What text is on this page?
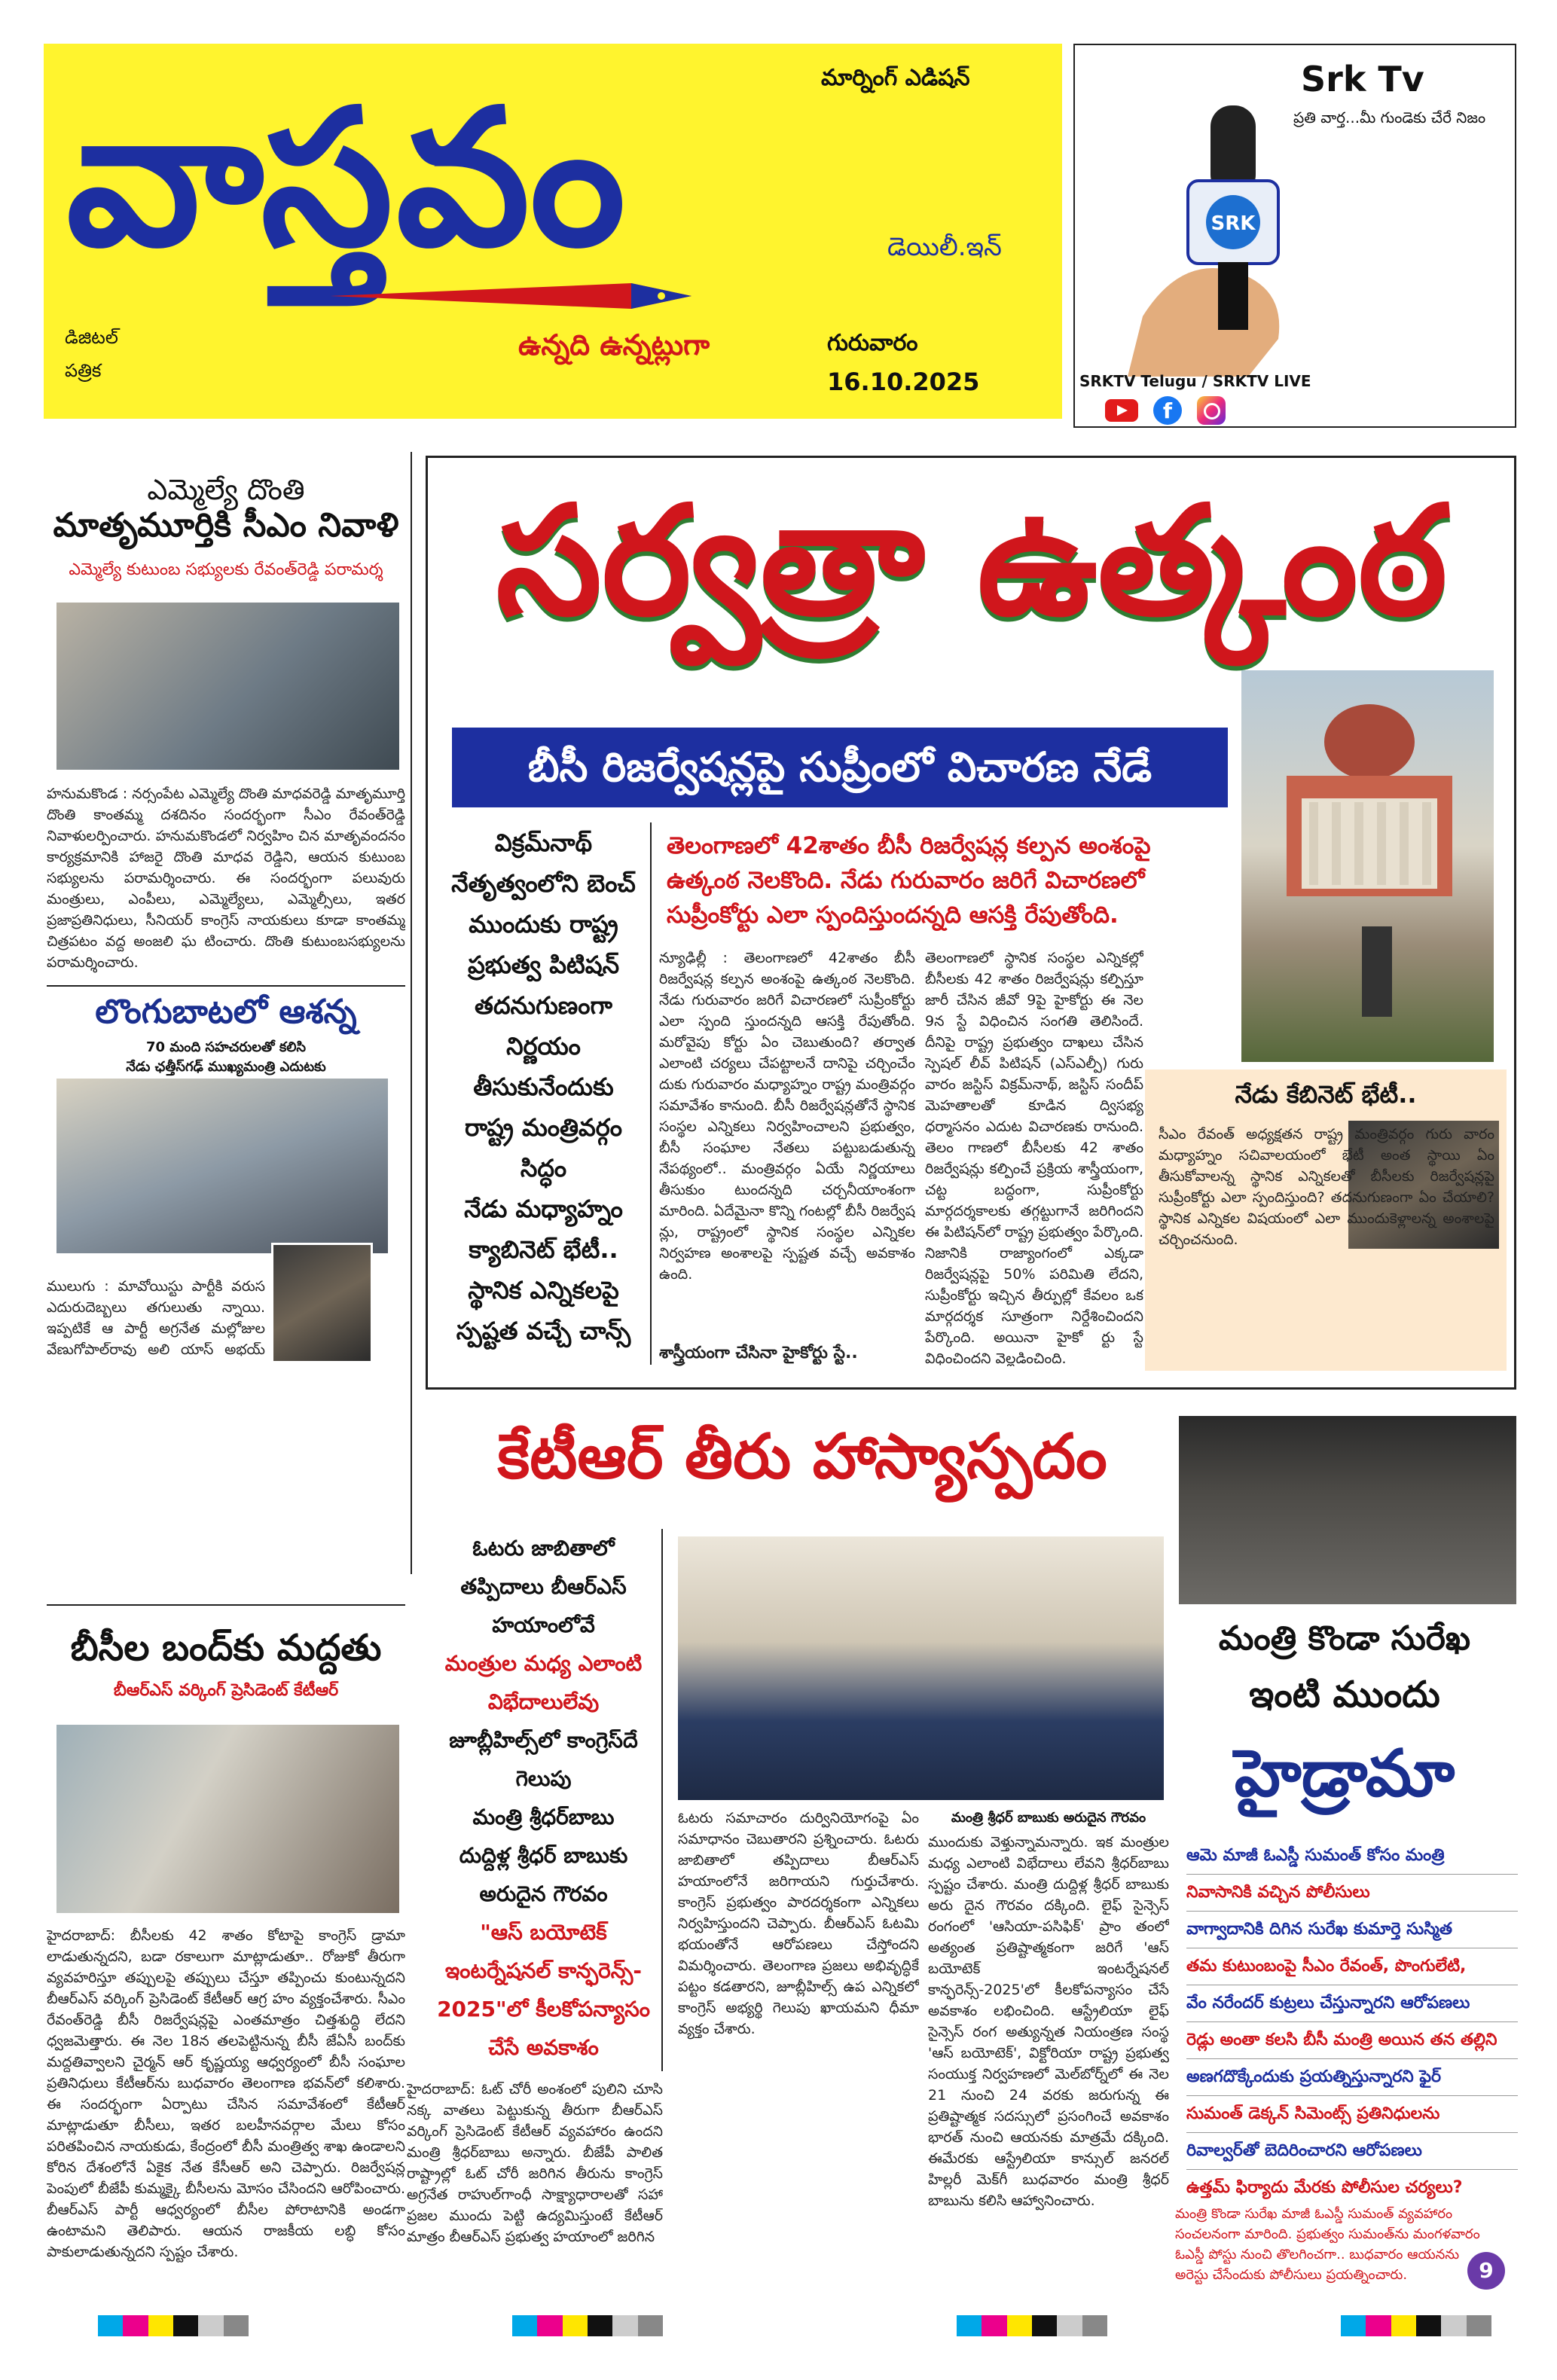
మార్నింగ్ ఎడిషన్
వాస్తవం	డెయిలీ.ఇన్
ఉన్నది ఉన్నట్లుగా
డిజిటల్
పత్రిక
గురువారం
16.10.2025
Srk Tv
ప్రతి వార్త...మీ గుండెకు చేరే నిజం
SRK
SRKTV Telugu / SRKTV LIVE
f
ఎమ్మెల్యే దొంతి
మాతృమూర్తికి సీఎం నివాళి
ఎమ్మెల్యే కుటుంబ సభ్యులకు రేవంత్‌రెడ్డి పరామర్శ
హనుమకొండ : నర్సంపేట ఎమ్మెల్యే దొంతి మాధవరెడ్డి మాతృమూర్తి దొంతి కాంతమ్మ దశదినం సందర్భంగా సీఎం రేవంత్‌రెడ్డి నివాళులర్పించారు. హనుమకొండలో నిర్వహిం చిన మాతృవందనం కార్యక్రమానికి హాజరై దొంతి మాధవ రెడ్డిని, ఆయన కుటుంబ సభ్యులను పరామర్శించారు. ఈ సందర్భంగా పలువురు మంత్రులు, ఎంపీలు, ఎమ్మెల్యేలు, ఎమ్మెల్సీలు, ఇతర ప్రజాప్రతినిధులు, సీనియర్ కాంగ్రెస్ నాయకులు కూడా కాంతమ్మ చిత్రపటం వద్ద అంజలి ఘ టించారు. దొంతి కుటుంబసభ్యులను పరామర్శించారు.
లొంగుబాటలో ఆశన్న
70 మంది సహచరులతో కలిసి
నేడు ఛత్తీస్‌గఢ్ ముఖ్యమంత్రి ఎదుటకు
ములుగు : మావోయిస్టు పార్టీకి వరుస ఎదురుదెబ్బలు తగులుతు న్నాయి. ఇప్పటికే ఆ పార్టీ అగ్రనేత మల్లోజుల వేణుగోపాల్‌రావు అలి యాస్ అభయ్
బీసీల బంద్‌కు మద్దతు
బీఆర్ఎస్ వర్కింగ్ ప్రెసిడెంట్ కేటీఆర్
హైదరాబాద్: బీసీలకు 42 శాతం కోటాపై కాంగ్రెస్ డ్రామా లాడుతున్నదని, బడా రకాలుగా మాట్లాడుతూ.. రోజుకో తీరుగా వ్యవహరిస్తూ తప్పులపై తప్పులు చేస్తూ తప్పించు కుంటున్నదని బీఆర్ఎస్ వర్కింగ్ ప్రెసిడెంట్ కేటీఆర్ ఆగ్ర హం వ్యక్తంచేశారు. సీఎం రేవంత్‌రెడ్డి బీసీ రిజర్వేషన్లపై ఎంతమాత్రం చిత్తశుద్ధి లేదని ధ్వజమెత్తారు. ఈ నెల 18న తలపెట్టినున్న బీసీ జేఏసీ బంద్‌కు మద్దతివ్వాలని చైర్మన్ ఆర్ కృష్ణయ్య ఆధ్వర్యంలో బీసీ సంఘాల ప్రతినిధులు కేటీఆర్‌ను బుధవారం తెలంగాణ భవన్‌లో కలిశారు. ఈ సందర్భంగా ఏర్పాటు చేసిన సమావేశంలో కేటీఆర్ మాట్లాడుతూ బీసీలు, ఇతర బలహీనవర్గాల మేలు కోసం పరితపించిన నాయకుడు, కేంద్రంలో బీసీ మంత్రిత్వ శాఖ ఉండాలని కోరిన దేశంలోనే ఏకైక నేత కేసీఆర్ అని చెప్పారు. రిజర్వేషన్ల పెంపులో బీజేపీ కుమ్మక్కై బీసీలను మోసం చేసిందని ఆరోపించారు. బీఆర్ఎస్ పార్టీ ఆధ్వర్యంలో బీసీల పోరాటానికి అండగా ఉంటామని తెలిపారు. ఆయన రాజకీయ లబ్ధి కోసం పాకులాడుతున్నదని స్పష్టం చేశారు.
సర్వత్రా ఉత్కంఠ
బీసీ రిజర్వేషన్లపై సుప్రీంలో విచారణ నేడే
విక్రమ్‌నాథ్
నేతృత్వంలోని బెంచ్
ముందుకు రాష్ట్ర
ప్రభుత్వ పిటిషన్
తదనుగుణంగా
నిర్ణయం
తీసుకునేందుకు
రాష్ట్ర మంత్రివర్గం
సిద్ధం
నేడు మధ్యాహ్నం
క్యాబినెట్ భేటీ..
స్థానిక ఎన్నికలపై
స్పష్టత వచ్చే చాన్స్
తెలంగాణలో 42శాతం బీసీ రిజర్వేషన్ల కల్పన అంశంపై ఉత్కంఠ నెలకొంది. నేడు గురువారం జరిగే విచారణలో సుప్రీంకోర్టు ఎలా స్పందిస్తుందన్నది ఆసక్తి రేపుతోంది.
న్యూఢిల్లీ : తెలంగాణలో 42శాతం బీసీ రిజర్వేషన్ల కల్పన అంశంపై ఉత్కంఠ నెలకొంది. నేడు గురువారం జరిగే విచారణలో సుప్రీంకోర్టు ఎలా స్పంది స్తుందన్నది ఆసక్తి రేపుతోంది. మరోవైపు కోర్టు ఏం చెబుతుంది? తర్వాత ఎలాంటి చర్యలు చేపట్టాలనే దానిపై చర్చించేం దుకు గురువారం మధ్యాహ్నం రాష్ట్ర మంత్రివర్గం సమావేశం కానుంది. బీసీ రిజర్వేషన్లతోనే స్థానిక సంస్థల ఎన్నికలు నిర్వహించాలని ప్రభుత్వం, బీసీ సంఘాల నేతలు పట్టుబడుతున్న నేపథ్యంలో.. మంత్రివర్గం ఏయే నిర్ణయాలు తీసుకుం టుందన్నది చర్చనీయాంశంగా మారింది. ఏదేమైనా కొన్ని గంటల్లో బీసీ రిజర్వేష న్లు, రాష్ట్రంలో స్థానిక సంస్థల ఎన్నికల నిర్వహణ అంశాలపై స్పష్టత వచ్చే అవకాశం ఉంది.
శాస్త్రీయంగా చేసినా హైకోర్టు స్టే..
తెలంగాణలో స్థానిక సంస్థల ఎన్నికల్లో బీసీలకు 42 శాతం రిజర్వేషన్లు కల్పిస్తూ జారీ చేసిన జీవో 9పై హైకోర్టు ఈ నెల 9న స్టే విధించిన సంగతి తెలిసిందే. దీనిపై రాష్ట్ర ప్రభుత్వం దాఖలు చేసిన స్పెషల్ లీవ్ పిటిషన్ (ఎస్ఎల్పీ) గురు వారం జస్టిస్ విక్రమ్‌నాథ్, జస్టిస్ సందీప్ మెహతాలతో కూడిన ద్విసభ్య ధర్మాసనం ఎదుట విచారణకు రానుంది. తెలం గాణలో బీసీలకు 42 శాతం రిజర్వేషన్లు కల్పించే ప్రక్రియ శాస్త్రీయంగా, చట్ట బద్ధంగా, సుప్రీంకోర్టు మార్గదర్శకాలకు తగ్గట్టుగానే జరిగిందని ఈ పిటిషన్‌లో రాష్ట్ర ప్రభుత్వం పేర్కొంది. నిజానికి రాజ్యాంగంలో ఎక్కడా రిజర్వేషన్లపై 50% పరిమితి లేదని, సుప్రీంకోర్టు ఇచ్చిన తీర్పుల్లో కేవలం ఒక మార్గదర్శక సూత్రంగా నిర్దేశించిందని పేర్కొంది. అయినా హైకో ర్టు స్టే విధించిందని వెల్లడించింది.
నేడు కేబినెట్ భేటీ..
సీఎం రేవంత్ అధ్యక్షతన రాష్ట్ర మంత్రివర్గం గురు వారం మధ్యాహ్నం సచివాలయంలో భేటీ అంత స్థాయి ఏం తీసుకోవాలన్న స్థానిక ఎన్నికలతో బీసీలకు రిజర్వేషన్లపై సుప్రీంకోర్టు ఎలా స్పందిస్తుంది? తదనుగుణంగా ఏం చేయాలి? స్థానిక ఎన్నికల విషయంలో ఎలా ముందుకెళ్లాలన్న అంశాలపై చర్చించనుంది.
కేటీఆర్ తీరు హాస్యాస్పదం
ఓటరు జాబితాలో
తప్పిదాలు బీఆర్ఎస్
హయాంలోవే
మంత్రుల మధ్య ఎలాంటి
విభేదాలులేవు
జూబ్లీహిల్స్‌లో కాంగ్రెస్‌దే
గెలుపు
మంత్రి శ్రీధర్‌బాబు
దుద్దిళ్ల శ్రీధర్ బాబుకు
అరుదైన గౌరవం
"ఆస్ బయోటెక్
ఇంటర్నేషనల్ కాన్ఫరెన్స్-
2025"లో కీలకోపన్యాసం
చేసే అవకాశం
హైదరాబాద్: ఓట్ చోరీ అంశంలో పులిని చూసి నక్క వాతలు పెట్టుకున్న తీరుగా బీఆర్ఎస్ వర్కింగ్ ప్రెసిడెంట్ కేటీఆర్ వ్యవహారం ఉందని మంత్రి శ్రీధర్‌బాబు అన్నారు. బీజేపీ పాలిత రాష్ట్రాల్లో ఓట్ చోరీ జరిగిన తీరును కాంగ్రెస్ అగ్రనేత రాహుల్‌గాంధీ సాక్ష్యాధారాలతో సహా ప్రజల ముందు పెట్టి ఉద్యమిస్తుంటే కేటీఆర్ మాత్రం బీఆర్ఎస్ ప్రభుత్వ హయాంలో జరిగిన
ఓటరు సమాచారం దుర్వినియోగంపై ఏం సమాధానం చెబుతారని ప్రశ్నించారు. ఓటరు జాబితాలో తప్పిదాలు బీఆర్ఎస్ హయాంలోనే జరిగాయని గుర్తుచేశారు. కాంగ్రెస్ ప్రభుత్వం పారదర్శకంగా ఎన్నికలు నిర్వహిస్తుందని చెప్పారు. బీఆర్ఎస్ ఓటమి భయంతోనే ఆరోపణలు చేస్తోందని విమర్శించారు. తెలంగాణ ప్రజలు అభివృద్ధికే పట్టం కడతారని, జూబ్లీహిల్స్ ఉప ఎన్నికలో కాంగ్రెస్ అభ్యర్థి గెలుపు ఖాయమని ధీమా వ్యక్తం చేశారు.
మంత్రి శ్రీధర్ బాబుకు అరుదైన గౌరవం
ముందుకు వెళ్తున్నామన్నారు. ఇక మంత్రుల మధ్య ఎలాంటి విభేదాలు లేవని శ్రీధర్‌బాబు స్పష్టం చేశారు. మంత్రి దుద్దిళ్ల శ్రీధర్ బాబుకు అరు దైన గౌరవం దక్కింది. లైఫ్ సైన్సెస్ రంగంలో 'ఆసియా-పసిఫిక్' ప్రాం తంలో అత్యంత ప్రతిష్టాత్మకంగా జరిగే 'ఆస్ బయోటెక్ ఇంటర్నేషనల్ కాన్ఫరెన్స్-2025'లో కీలకోపన్యాసం చేసే అవకాశం లభించింది. ఆస్ట్రేలియా లైఫ్ సైన్సెస్ రంగ అత్యున్నత నియంత్రణ సంస్థ 'ఆస్ బయోటెక్', విక్టోరియా రాష్ట్ర ప్రభుత్వ సంయుక్త నిర్వహణలో మెల్‌బోర్న్‌లో ఈ నెల 21 నుంచి 24 వరకు జరుగున్న ఈ ప్రతిష్టాత్మక సదస్సులో ప్రసంగించే అవకాశం భారత్ నుంచి ఆయనకు మాత్రమే దక్కింది. ఈమేరకు ఆస్ట్రేలియా కాన్సుల్ జనరల్ హిల్లరీ మెక్‌గీ బుధవారం మంత్రి శ్రీధర్ బాబును కలిసి ఆహ్వానించారు.
మంత్రి కొండా సురేఖ
ఇంటి ముందు
హైడ్రామా
ఆమె మాజీ ఓఎస్డీ సుమంత్ కోసం మంత్రి
నివాసానికి వచ్చిన పోలీసులు
వాగ్వాదానికి దిగిన సురేఖ కుమార్తె సుస్మిత
తమ కుటుంబంపై సీఎం రేవంత్, పొంగులేటి,
వేం నరేందర్ కుట్రలు చేస్తున్నారని ఆరోపణలు
రెడ్లు అంతా కలసి బీసీ మంత్రి అయిన తన తల్లిని
అణగదొక్కేందుకు ప్రయత్నిస్తున్నారని ఫైర్
సుమంత్ డెక్కన్ సిమెంట్స్ ప్రతినిధులను
రివాల్వర్‌తో బెదిరించారని ఆరోపణలు
ఉత్తమ్ ఫిర్యాదు మేరకు పోలీసుల చర్యలు?
మంత్రి కొండా సురేఖ మాజీ ఓఎస్డీ సుమంత్ వ్యవహారం సంచలనంగా మారింది. ప్రభుత్వం సుమంత్‌ను మంగళవారం ఓఎస్డీ పోస్టు నుంచి తొలగించగా.. బుధవారం ఆయనను అరెస్టు చేసేందుకు పోలీసులు ప్రయత్నించారు.	9
